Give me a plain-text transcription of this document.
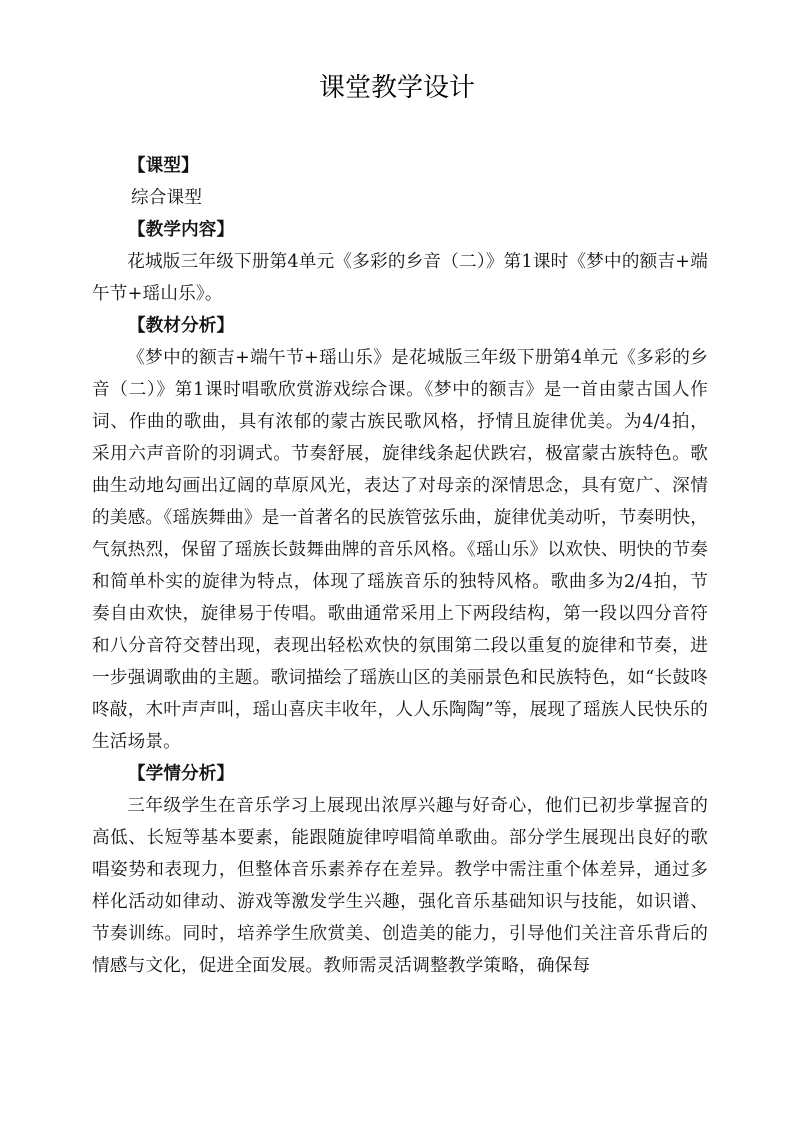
课堂教学设计

【课型】

综合课型

【教学内容】

花城版三年级下册第4单元《多彩的乡音（二）》第1课时《梦中的额吉+端午节+瑶山乐》。

【教材分析】

《梦中的额吉+端午节+瑶山乐》是花城版三年级下册第4单元《多彩的乡音（二）》第1课时唱歌欣赏游戏综合课。《梦中的额吉》是一首由蒙古国人作词、作曲的歌曲，具有浓郁的蒙古族民歌风格，抒情且旋律优美。为4/4拍，采用六声音阶的羽调式。节奏舒展，旋律线条起伏跌宕，极富蒙古族特色。歌曲生动地勾画出辽阔的草原风光，表达了对母亲的深情思念，具有宽广、深情的美感。《瑶族舞曲》是一首著名的民族管弦乐曲，旋律优美动听，节奏明快，气氛热烈，保留了瑶族长鼓舞曲牌的音乐风格。《瑶山乐》以欢快、明快的节奏和简单朴实的旋律为特点，体现了瑶族音乐的独特风格。歌曲多为2/4拍，节奏自由欢快，旋律易于传唱。歌曲通常采用上下两段结构，第一段以四分音符和八分音符交替出现，表现出轻松欢快的氛围第二段以重复的旋律和节奏，进一步强调歌曲的主题。歌词描绘了瑶族山区的美丽景色和民族特色，如“长鼓咚咚敲，木叶声声叫，瑶山喜庆丰收年，人人乐陶陶”等，展现了瑶族人民快乐的生活场景。

【学情分析】

三年级学生在音乐学习上展现出浓厚兴趣与好奇心，他们已初步掌握音的高低、长短等基本要素，能跟随旋律哼唱简单歌曲。部分学生展现出良好的歌唱姿势和表现力，但整体音乐素养存在差异。教学中需注重个体差异，通过多样化活动如律动、游戏等激发学生兴趣，强化音乐基础知识与技能，如识谱、节奏训练。同时，培养学生欣赏美、创造美的能力，引导他们关注音乐背后的情感与文化，促进全面发展。教师需灵活调整教学策略，确保每
